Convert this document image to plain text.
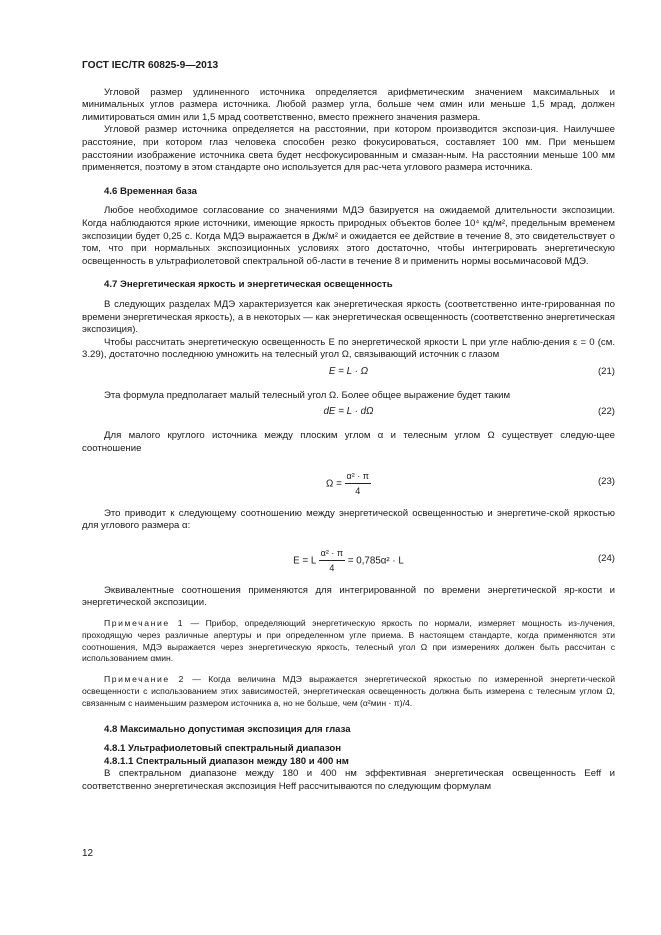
ГОСТ IEC/TR 60825-9—2013

Угловой размер удлиненного источника определяется арифметическим значением максимальных и минимальных углов размера источника. Любой размер угла, больше чем αмин или меньше 1,5 мрад, должен лимитироваться αмин или 1,5 мрад соответственно, вместо прежнего значения размера.

Угловой размер источника определяется на расстоянии, при котором производится экспози-ция. Наилучшее расстояние, при котором глаз человека способен резко фокусироваться, составляет 100 мм. При меньшем расстоянии изображение источника света будет несфокусированным и смазан-ным. На расстоянии меньше 100 мм применяется, поэтому в этом стандарте оно используется для рас-чета углового размера источника.

4.6 Временная база

Любое необходимое согласование со значениями МДЭ базируется на ожидаемой длительности экспозиции. Когда наблюдаются яркие источники, имеющие яркость природных объектов более 10⁴ кд/м², предельным временем экспозиции будет 0,25 с. Когда МДЭ выражается в Дж/м² и ожидается ее действие в течение 8, это свидетельствует о том, что при нормальных экспозиционных условиях этого достаточно, чтобы интегрировать энергетическую освещенность в ультрафиолетовой спектральной об-ласти в течение 8 и применить нормы восьмичасовой МДЭ.

4.7 Энергетическая яркость и энергетическая освещенность

В следующих разделах МДЭ характеризуется как энергетическая яркость (соответственно инте-грированная по времени энергетическая яркость), а в некоторых — как энергетическая освещенность (соответственно энергетическая экспозиция).

Чтобы рассчитать энергетическую освещенность E по энергетической яркости L при угле наблю-дения ε = 0 (см. 3.29), достаточно последнюю умножить на телесный угол Ω, связывающий источник с глазом

E = L · Ω	(21)

Эта формула предполагает малый телесный угол Ω. Более общее выражение будет таким

dE = L · dΩ	(22)

Для малого круглого источника между плоским углом α и телесным углом Ω существует следую-щее соотношение

$\Omega = \frac{\text{α² · π}}{4}$	(23)

Это приводит к следующему соотношению между энергетической освещенностью и энергетиче-ской яркостью для углового размера α:

E = L $\frac{\text{α² · π}}{4} = 0,785\alpha^2 \cdot L$	(24)

Эквивалентные соотношения применяются для интегрированной по времени энергетической яр-кости и энергетической экспозиции.

Примечание 1 — Прибор, определяющий энергетическую яркость по нормали, измеряет мощность из-лучения, проходящую через различные апертуры и при определенном угле приема. В настоящем стандарте, когда применяются эти соотношения, МДЭ выражается через энергетическую яркость, телесный угол Ω при измерениях должен быть рассчитан с использованием αмин.

Примечание 2 — Когда величина МДЭ выражается энергетической яркостью по измеренной энергети-ческой освещенности с использованием этих зависимостей, энергетическая освещенность должна быть измерена с телесным углом Ω, связанным с наименьшим размером источника a, но не больше, чем (α²мин · π)/4.

4.8 Максимально допустимая экспозиция для глаза
4.8.1 Ультрафиолетовый спектральный диапазон
4.8.1.1 Спектральный диапазон между 180 и 400 нм

В спектральном диапазоне между 180 и 400 нм эффективная энергетическая освещенность Eeff и соответственно энергетическая экспозиция Heff рассчитываются по следующим формулам

12
